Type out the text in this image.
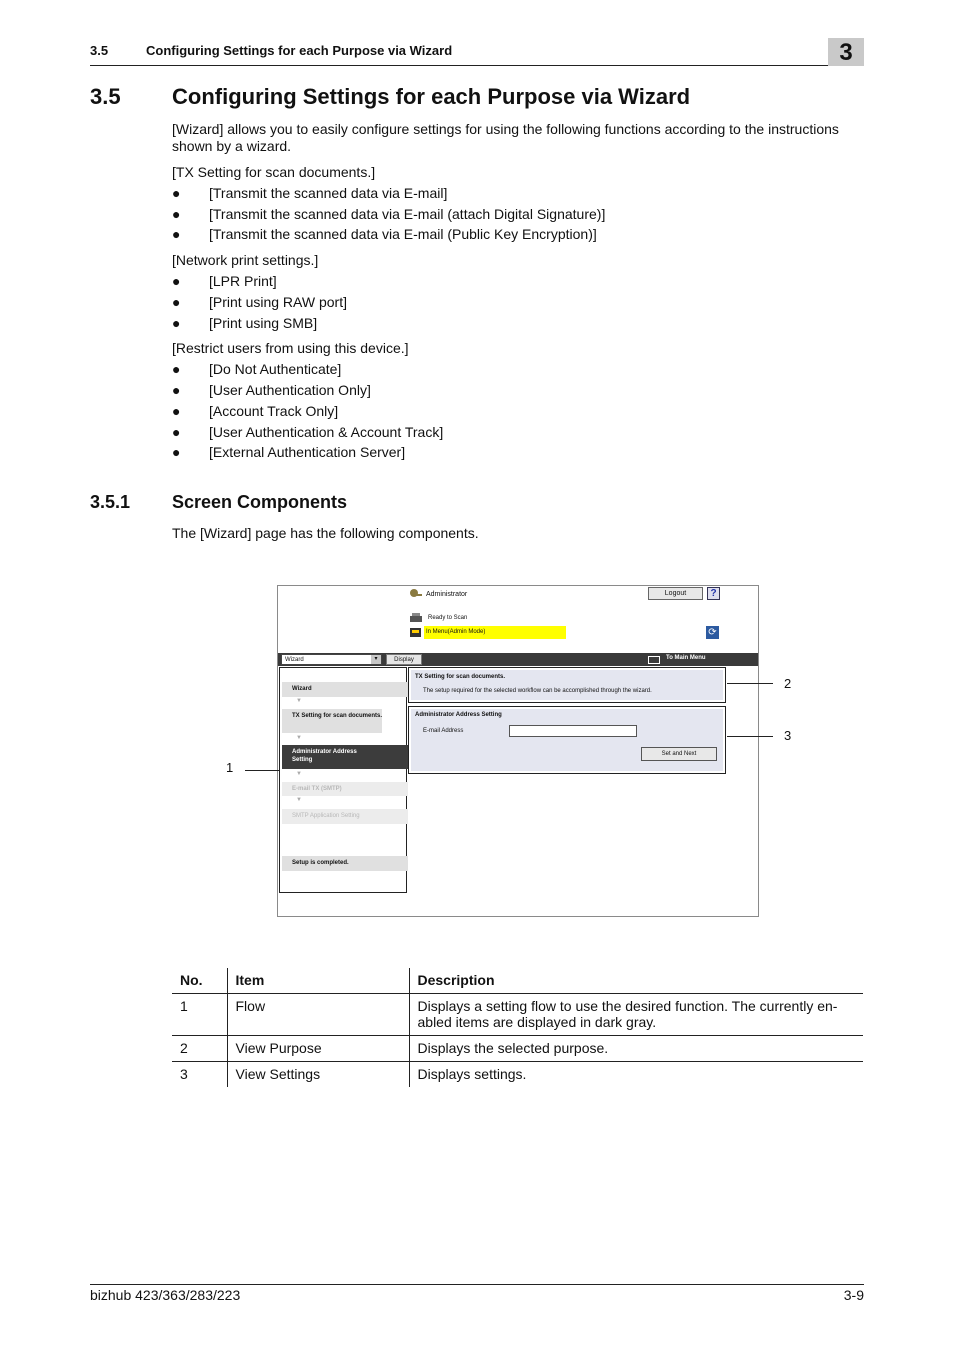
3.5	Configuring Settings for each Purpose via Wizard	3
3.5 Configuring Settings for each Purpose via Wizard
[Wizard] allows you to easily configure settings for using the following functions according to the instructions shown by a wizard.
[TX Setting for scan documents.]
● [Transmit the scanned data via E-mail]
● [Transmit the scanned data via E-mail (attach Digital Signature)]
● [Transmit the scanned data via E-mail (Public Key Encryption)]
[Network print settings.]
● [LPR Print]
● [Print using RAW port]
● [Print using SMB]
[Restrict users from using this device.]
● [Do Not Authenticate]
● [User Authentication Only]
● [Account Track Only]
● [User Authentication & Account Track]
● [External Authentication Server]
3.5.1 Screen Components
The [Wizard] page has the following components.
Administrator	Logout	?
Ready to Scan
In Menu(Admin Mode)	⟳
Wizard	▾	Display	To Main Menu
Wizard
▼
TX Setting for scan documents.
▼
Administrator Address Setting
▼
E-mail TX (SMTP)
▼
SMTP Application Setting
Setup is completed.
TX Setting for scan documents.
The setup required for the selected workflow can be accomplished through the wizard.
Administrator Address Setting
E-mail Address
Set and Next
1
2
3
No.	Item	Description
1	Flow	Displays a setting flow to use the desired function. The currently en-abled items are displayed in dark gray.
2	View Purpose	Displays the selected purpose.
3	View Settings	Displays settings.
bizhub 423/363/283/223	3-9
